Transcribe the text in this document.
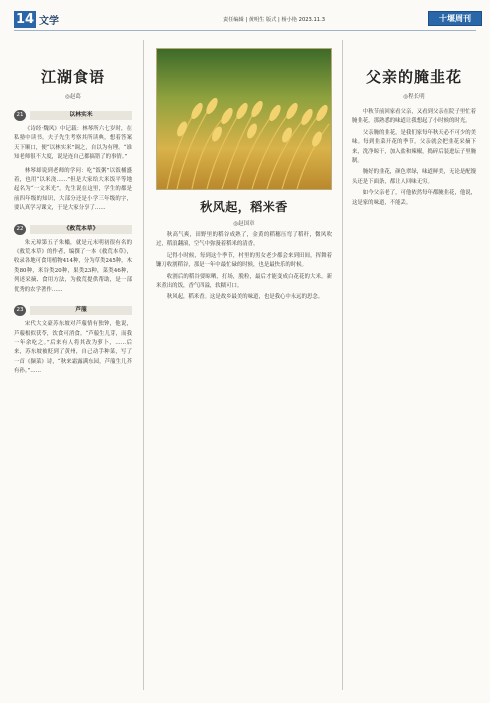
14 文学	责任编辑 | 黄明生 版式 | 杨小艳 2023.11.3	十堰周刊
江湖食语
◎赵葛
21	以林实米

《诗经·魏风》中记载：林琴所六七岁时，在私塾中读书。夫子先生考察其所读典，想着答案天下顺口，便“以林实米”调之，自以为有理。“谁知老师很不大度，说是连自己都搞错了的事情。”

林琴却说到老师的学问：吃“饭粥”以饭桶盛着，也用“以米浇……”但是大家给大米饭平等地起名为“一文米光”。先生说在这里，学生的都是前四年级的知识，大部分还是小学三年级的字，要认真学习课文，于是大家分享了……

22	《救荒本草》

朱元璋第五子朱橚，就是元末明初很有名的《救荒本草》的作者，编撰了一本《救荒本草》，收录各地可食用植物414种，分为草类245种，木类80种，米谷类20种，果类23种，菜类46种，列述采摘、食用方法，为救荒提供帮助，是一部优秀的农学著作……

23	芦菔

宋代大文豪苏东坡对芦菔情有独钟，他说，芦菔根似茯苓，饮食可消食。“芦菔生儿芽，而我一年余吃之。”后来有人将其改为萝卜，……后来，苏东坡被贬到了黄州，自己动手种菜，写了一首《撷菜》诗，“秋来霜露满东园，芦菔生儿芥有孙。”……

秋风起，稻米香
◎赵国章

秋高气爽，田野里的稻谷成熟了，金黄的稻穗压弯了稻秆，微风吹过，稻浪翻滚，空气中弥漫着稻米的清香。

记得小时候，每到这个季节，村里的男女老少都会来到田间，挥舞着镰刀收割稻谷，那是一年中最忙碌的时候，也是最快乐的时候。

收割后的稻谷要晾晒，打场，脱粒，最后才能变成白花花的大米。新米煮出的饭，香气四溢，软糯可口。

秋风起，稻米香。这是故乡最美的味道，也是我心中永远的思念。

父亲的腌韭花
◎程长明

中秋节前回家看父亲，又看到父亲在院子里忙着腌韭花，那熟悉的味道让我想起了小时候的时光。

父亲腌的韭花，是我们家每年秋天必不可少的美味。每到韭菜开花的季节，父亲就会把韭花采摘下来，洗净晾干，加入盐和辣椒，捣碎后装进坛子里腌制。

腌好的韭花，颜色翠绿，味道鲜美，无论是配馒头还是下面条，都让人回味无穷。

如今父亲老了，可他依然每年都腌韭花，他说，这是家的味道，不能丢。
